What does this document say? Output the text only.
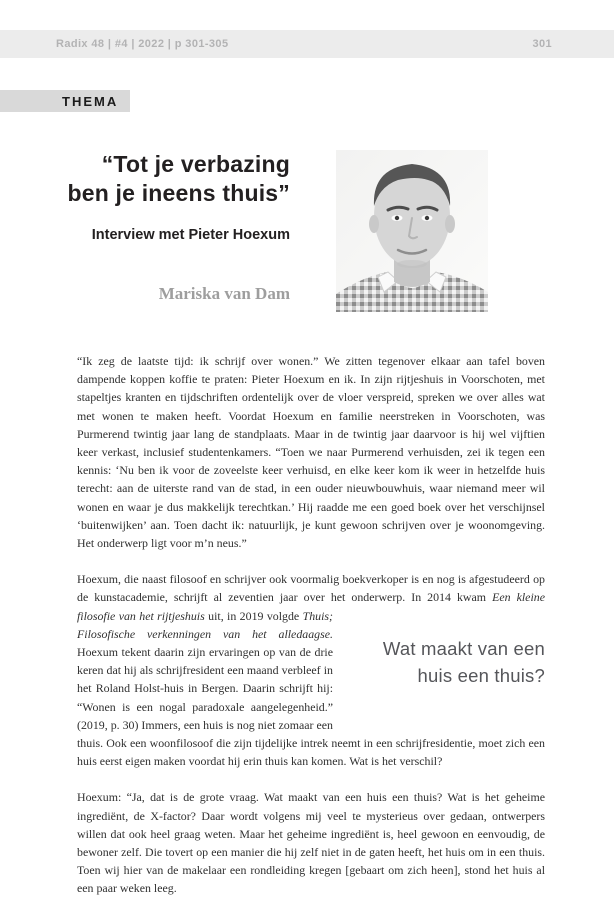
Radix 48 | #4 | 2022 | p 301-305	301
THEMA
“Tot je verbazing
ben je ineens thuis”
Interview met Pieter Hoexum
Mariska van Dam

“Ik zeg de laatste tijd: ik schrijf over wonen.” We zitten tegenover elkaar aan tafel boven dampende koppen koffie te praten: Pieter Hoexum en ik. In zijn rijtjeshuis in Voorschoten, met stapeltjes kranten en tijdschriften ordentelijk over de vloer verspreid, spreken we over alles wat met wonen te maken heeft. Voordat Hoexum en familie neerstreken in Voorschoten, was Purmerend twintig jaar lang de standplaats. Maar in de twintig jaar daarvoor is hij wel vijftien keer verkast, inclusief studentenkamers. “Toen we naar Purmerend verhuisden, zei ik tegen een kennis: ‘Nu ben ik voor de zoveelste keer verhuisd, en elke keer kom ik weer in hetzelfde huis terecht: aan de uiterste rand van de stad, in een ouder nieuwbouwhuis, waar niemand meer wil wonen en waar je dus makkelijk terechtkan.’ Hij raadde me een goed boek over het verschijnsel ‘buitenwijken’ aan. Toen dacht ik: natuurlijk, je kunt gewoon schrijven over je woonomgeving. Het onderwerp ligt voor m’n neus.”

Wat maakt van een huis een thuis?
Hoexum, die naast filosoof en schrijver ook voormalig boekverkoper is en nog is afgestudeerd op de kunstacademie, schrijft al zeventien jaar over het onderwerp. In 2014 kwam Een kleine filosofie van het rijtjeshuis uit, in 2019 volgde Thuis; Filosofische verkenningen van het alledaagse. Hoexum tekent daarin zijn ervaringen op van de drie keren dat hij als schrijfresident een maand verbleef in het Roland Holst-huis in Bergen. Daarin schrijft hij: “Wonen is een nogal paradoxale aangelegenheid.” (2019, p. 30) Immers, een huis is nog niet zomaar een thuis. Ook een woonfilosoof die zijn tijdelijke intrek neemt in een schrijfresidentie, moet zich een huis eerst eigen maken voordat hij erin thuis kan komen. Wat is het verschil?

Hoexum: “Ja, dat is de grote vraag. Wat maakt van een huis een thuis? Wat is het geheime ingrediënt, de X-factor? Daar wordt volgens mij veel te mysterieus over gedaan, ontwerpers willen dat ook heel graag weten. Maar het geheime ingrediënt is, heel gewoon en eenvoudig, de bewoner zelf. Die tovert op een manier die hij zelf niet in de gaten heeft, het huis om in een thuis. Toen wij hier van de makelaar een rondleiding kregen [gebaart om zich heen], stond het huis al een paar weken leeg.
